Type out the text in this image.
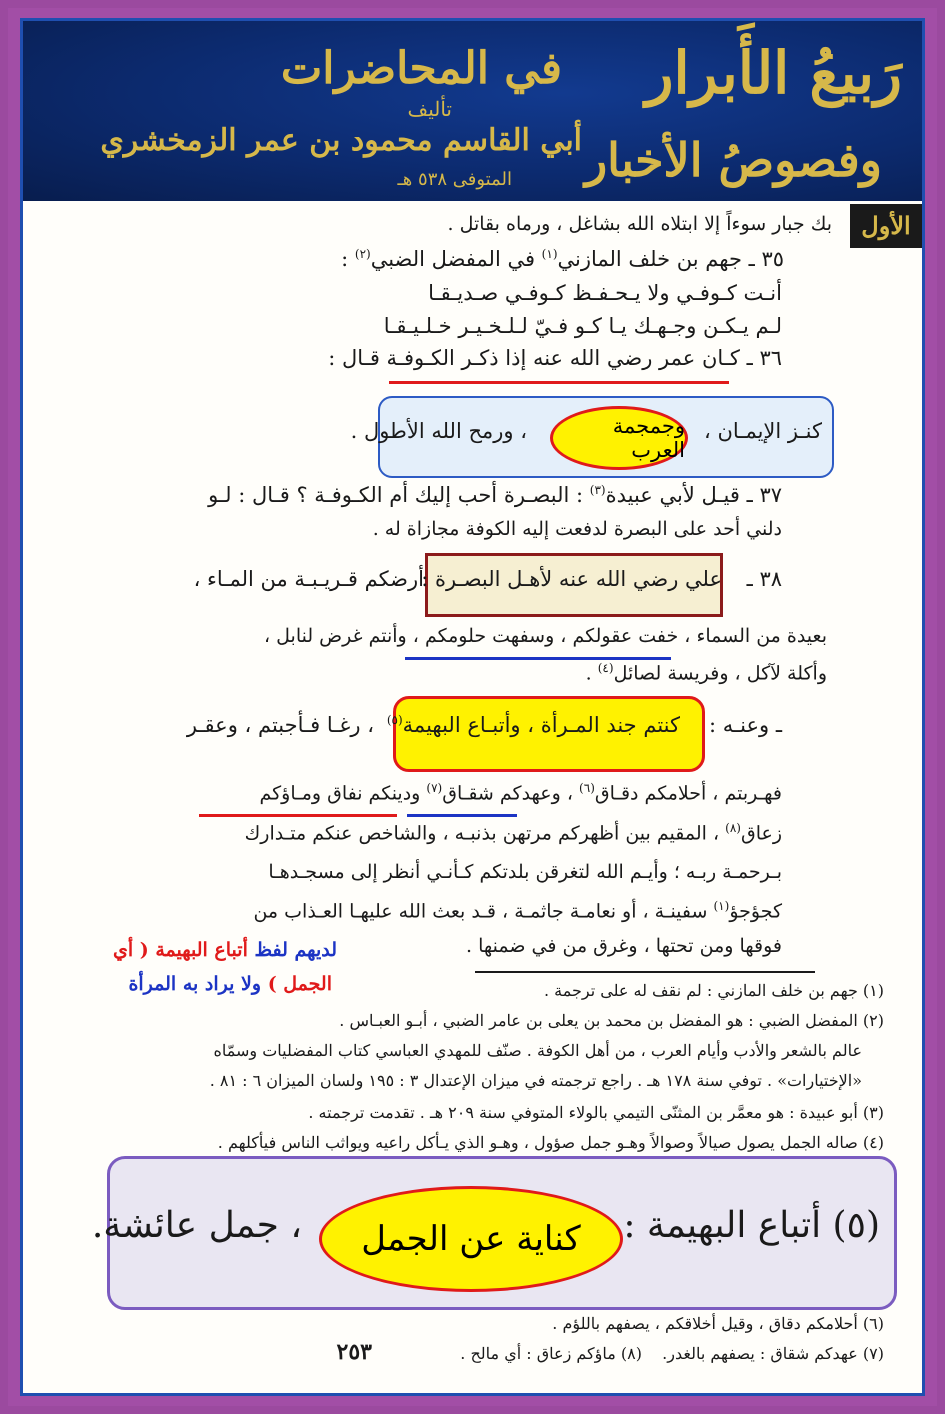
رَبيعُ الأَبرار
وفصوصُ الأخبار
في المحاضرات
تأليف
أبي القاسم محمود بن عمر الزمخشري
المتوفى ٥٣٨ هـ
الأول
بك جبار سوءاً إلا ابتلاه الله بشاغل ، ورماه بقاتل .
٣٥ ـ جهم بن خلف المازني$^{(١)}$ في المفضل الضبي$^{(٢)}$ :
أنـت كـوفـي ولا يـحـفـظ كـوفـي صـديـقـا
لـم يـكـن وجـهـك يـا كـو فـيّ لـلـخـيـر خـلـيـقـا
٣٦ ـ كـان عمر رضي الله عنه إذا ذكـر الكـوفـة قـال :
كنـز الإيمـان ،
وجمجمة العرب
، ورمح الله الأطول .
٣٧ ـ قيـل لأبي عبيدة$^{(٣)}$ : البصـرة أحب إليك أم الكـوفـة ؟ قـال : لـو
دلني أحد على البصرة لدفعت إليه الكوفة مجازاة له .
٣٨ ـ
علي رضي الله عنه لأهـل البصـرة :
أرضكم قـريـبـة من المـاء ،
بعيدة من السماء ، خفت عقولكم ، وسفهت حلومكم ، وأنتم غرض لنابل ،
وأكلة لآكل ، وفريسة لصائل$^{(٤)}$ .
ـ وعنـه :
كنتم جند المـرأة ، وأتبـاع البهيمة$^{(٥)}$
، رغـا فـأجبتم ، وعقـر
فهـربتم ، أحلامكم دقـاق$^{(٦)}$ ، وعهدكم شقـاق$^{(٧)}$ ودينكم نفاق ومـاؤكم
زعاق$^{(٨)}$ ، المقيم بين أظهركم مرتهن بذنبـه ، والشاخص عنكم متـدارك
بـرحمـة ربـه ؛ وأيـم الله لتغرقن بلدتكم كـأنـي أنظر إلى مسجـدهـا
كجؤجؤ$^{(١)}$ سفينـة ، أو نعامـة جاثمـة ، قـد بعث الله عليهـا العـذاب من
فوقها ومن تحتها ، وغرق من في ضمنها .
لديهم لفظ أتباع البهيمة ( أي
الجمل ) ولا يراد به المرأة	(١) جهم بن خلف المازني : لم نقف له على ترجمة .
(٢) المفضل الضبي : هو المفضل بن محمد بن يعلى بن عامر الضبي ، أبـو العبـاس .
عالم بالشعر والأدب وأيام العرب ، من أهل الكوفة . صنّف للمهدي العباسي كتاب المفضليات وسمّاه
«الإختيارات» . توفي سنة ١٧٨ هـ . راجع ترجمته في ميزان الإعتدال ٣ : ١٩٥ ولسان الميزان ٦ : ٨١ .
(٣) أبو عبيدة : هو معمَّر بن المثنّى التيمي بالولاء المتوفي سنة ٢٠٩ هـ . تقدمت ترجمته .
(٤) صاله الجمل يصول صيالاً وصوالاً وهـو جمل صؤول ، وهـو الذي يـأكل راعيه ويواثب الناس فيأكلهم .
(٥) أتباع البهيمة :
كناية عن الجمل
، جمل عائشة.
(٦) أحلامكم دقاق ، وقيل أخلاقكم ، يصفهم باللؤم .
(٧) عهدكم شقاق : يصفهم بالغدر.
(٨) ماؤكم زعاق : أي مالح .
٢٥٣
